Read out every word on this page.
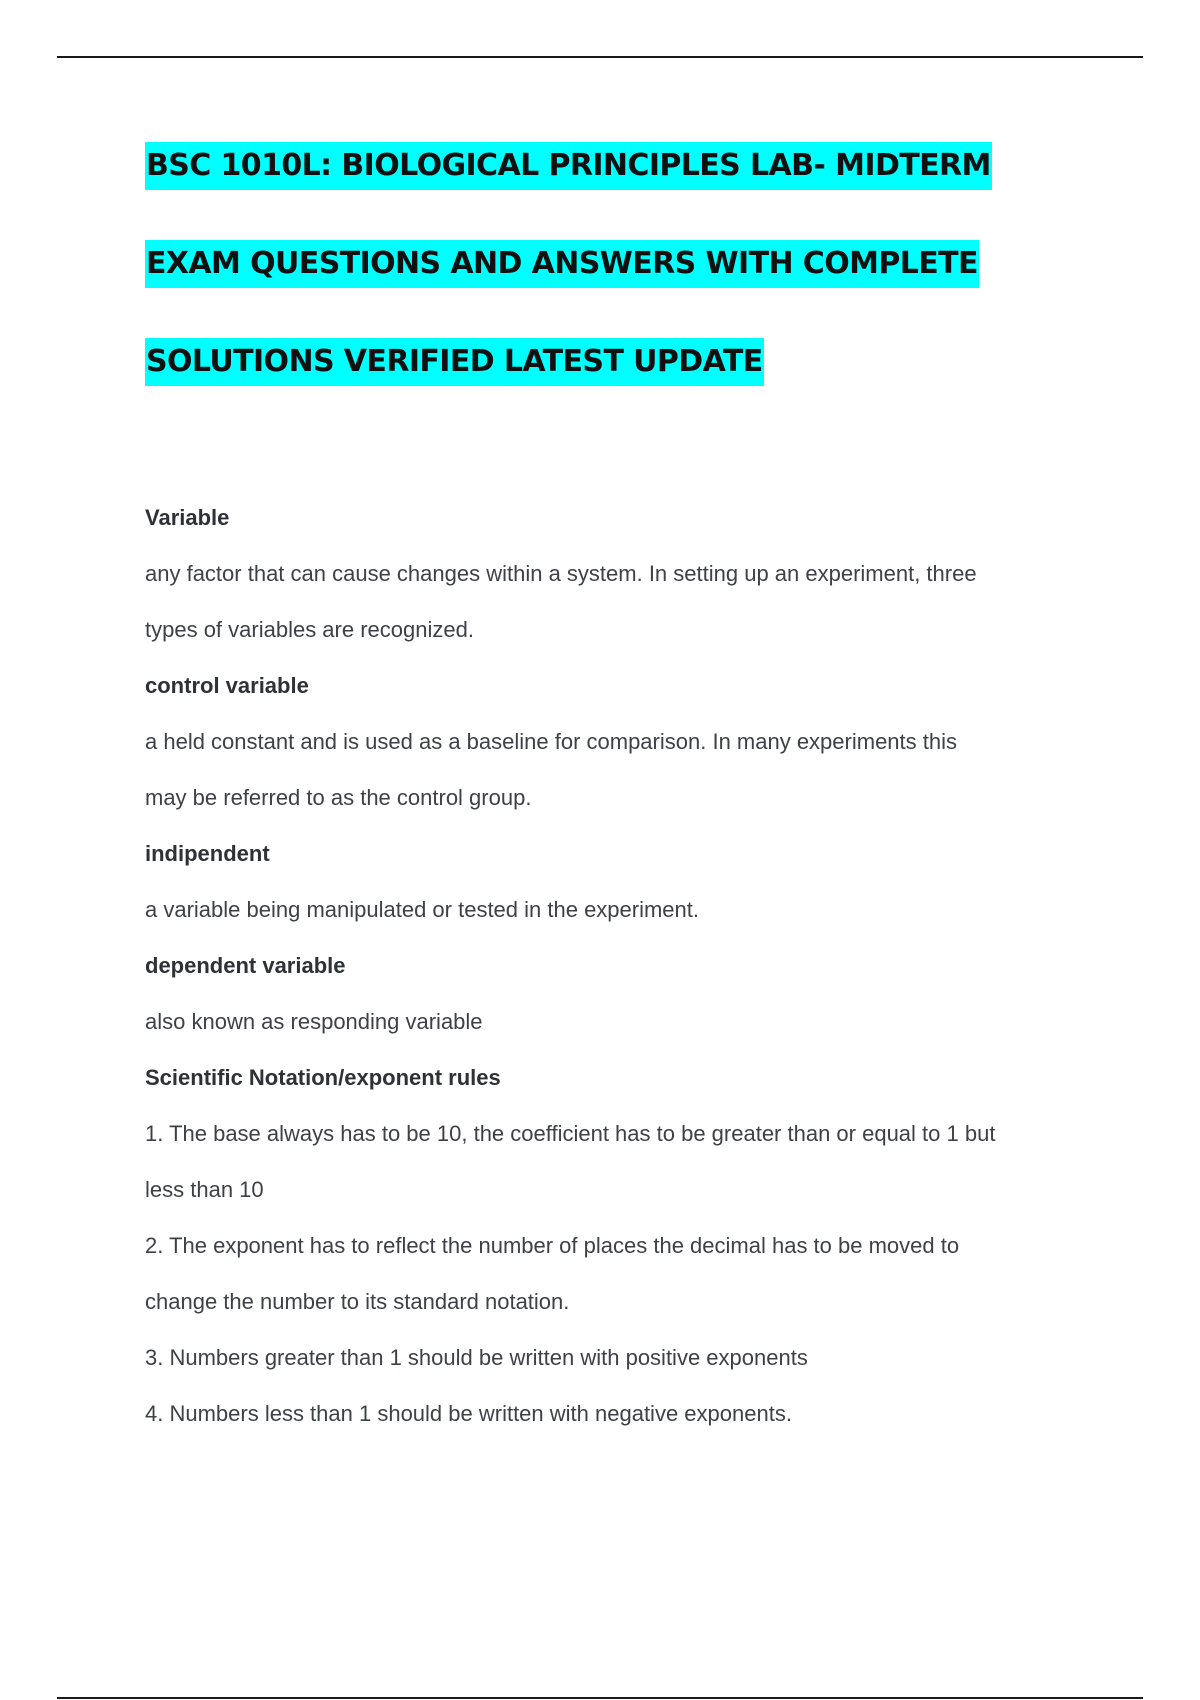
BSC 1010L: BIOLOGICAL PRINCIPLES LAB- MIDTERM
EXAM QUESTIONS AND ANSWERS WITH COMPLETE
SOLUTIONS VERIFIED LATEST UPDATE
Variable
any factor that can cause changes within a system. In setting up an experiment, three
types of variables are recognized.
control variable
a held constant and is used as a baseline for comparison. In many experiments this
may be referred to as the control group.
indipendent
a variable being manipulated or tested in the experiment.
dependent variable
also known as responding variable
Scientific Notation/exponent rules
1. The base always has to be 10, the coefficient has to be greater than or equal to 1 but
less than 10
2. The exponent has to reflect the number of places the decimal has to be moved to
change the number to its standard notation.
3. Numbers greater than 1 should be written with positive exponents
4. Numbers less than 1 should be written with negative exponents.
